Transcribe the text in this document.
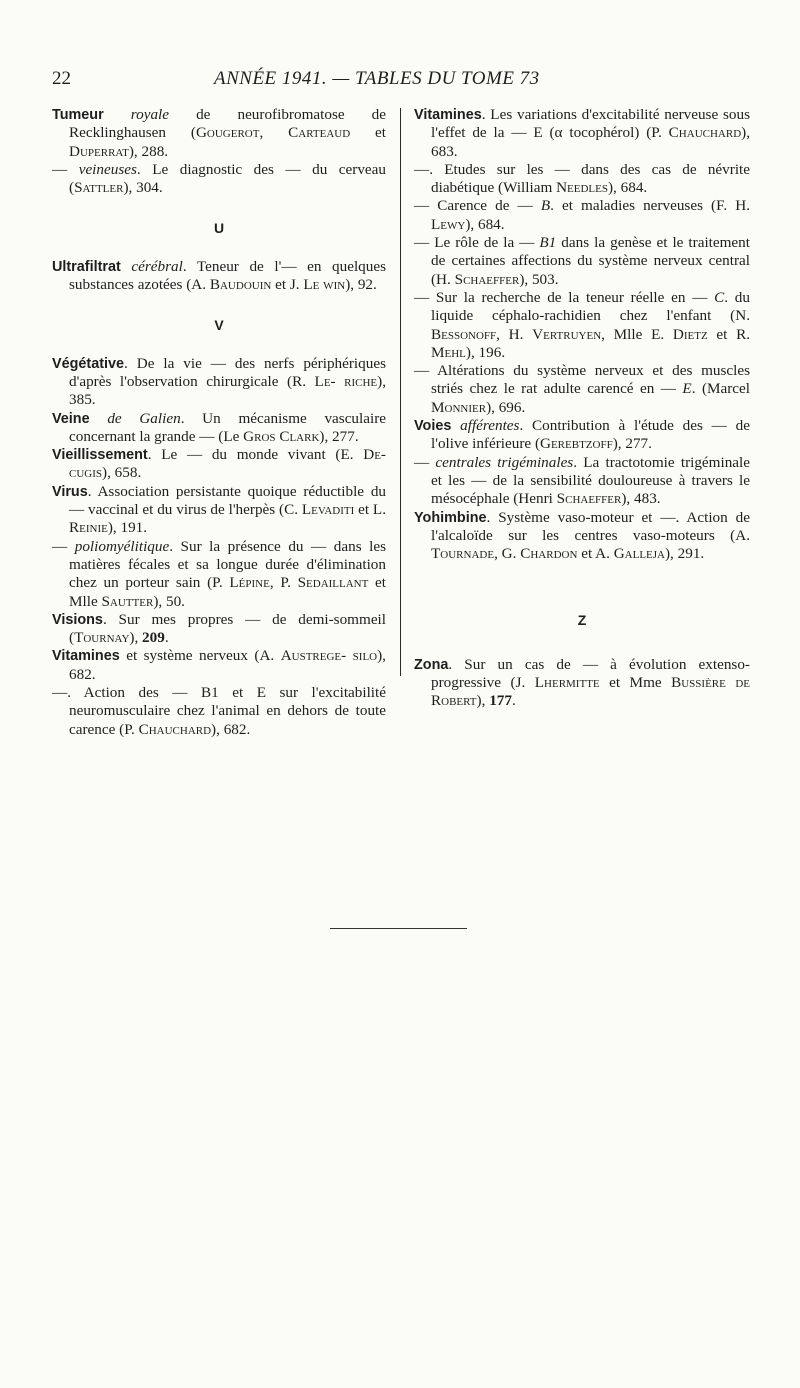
22	ANNÉE 1941. — TABLES DU TOME 73

Tumeur royale de neurofibromatose de Recklinghausen (Gougerot, Carteaud et Duperrat), 288.

— veineuses. Le diagnostic des — du cerveau (Sattler), 304.

U

Ultrafiltrat cérébral. Teneur de l'— en quelques substances azotées (A. Baudouin et J. Le win), 92.

V

Végétative. De la vie — des nerfs périphériques d'après l'observation chirurgicale (R. Le- riche), 385.

Veine de Galien. Un mécanisme vasculaire concernant la grande — (Le Gros Clark), 277.

Vieillissement. Le — du monde vivant (E. De- cugis), 658.

Virus. Association persistante quoique réductible du — vaccinal et du virus de l'herpès (C. Levaditi et L. Reinie), 191.

— poliomyélitique. Sur la présence du — dans les matières fécales et sa longue durée d'élimination chez un porteur sain (P. Lépine, P. Sedaillant et Mlle Sautter), 50.

Visions. Sur mes propres — de demi-sommeil (Tournay), 209.

Vitamines et système nerveux (A. Austrege- silo), 682.

—. Action des — B1 et E sur l'excitabilité neuromusculaire chez l'animal en dehors de toute carence (P. Chauchard), 682.

Vitamines. Les variations d'excitabilité nerveuse sous l'effet de la — E (α tocophérol) (P. Chauchard), 683.

—. Etudes sur les — dans des cas de névrite diabétique (William Needles), 684.

— Carence de — B. et maladies nerveuses (F. H. Lewy), 684.

— Le rôle de la — B1 dans la genèse et le traitement de certaines affections du système nerveux central (H. Schaeffer), 503.

— Sur la recherche de la teneur réelle en — C. du liquide céphalo-rachidien chez l'enfant (N. Bessonoff, H. Vertruyen, Mlle E. Dietz et R. Mehl), 196.

— Altérations du système nerveux et des muscles striés chez le rat adulte carencé en — E. (Marcel Monnier), 696.

Voies afférentes. Contribution à l'étude des — de l'olive inférieure (Gerebtzoff), 277.

— centrales trigéminales. La tractotomie trigéminale et les — de la sensibilité douloureuse à travers le mésocéphale (Henri Schaeffer), 483.

Yohimbine. Système vaso-moteur et —. Action de l'alcaloïde sur les centres vaso-moteurs (A. Tournade, G. Chardon et A. Galleja), 291.

Z

Zona. Sur un cas de — à évolution extenso-progressive (J. Lhermitte et Mme Bussière de Robert), 177.
